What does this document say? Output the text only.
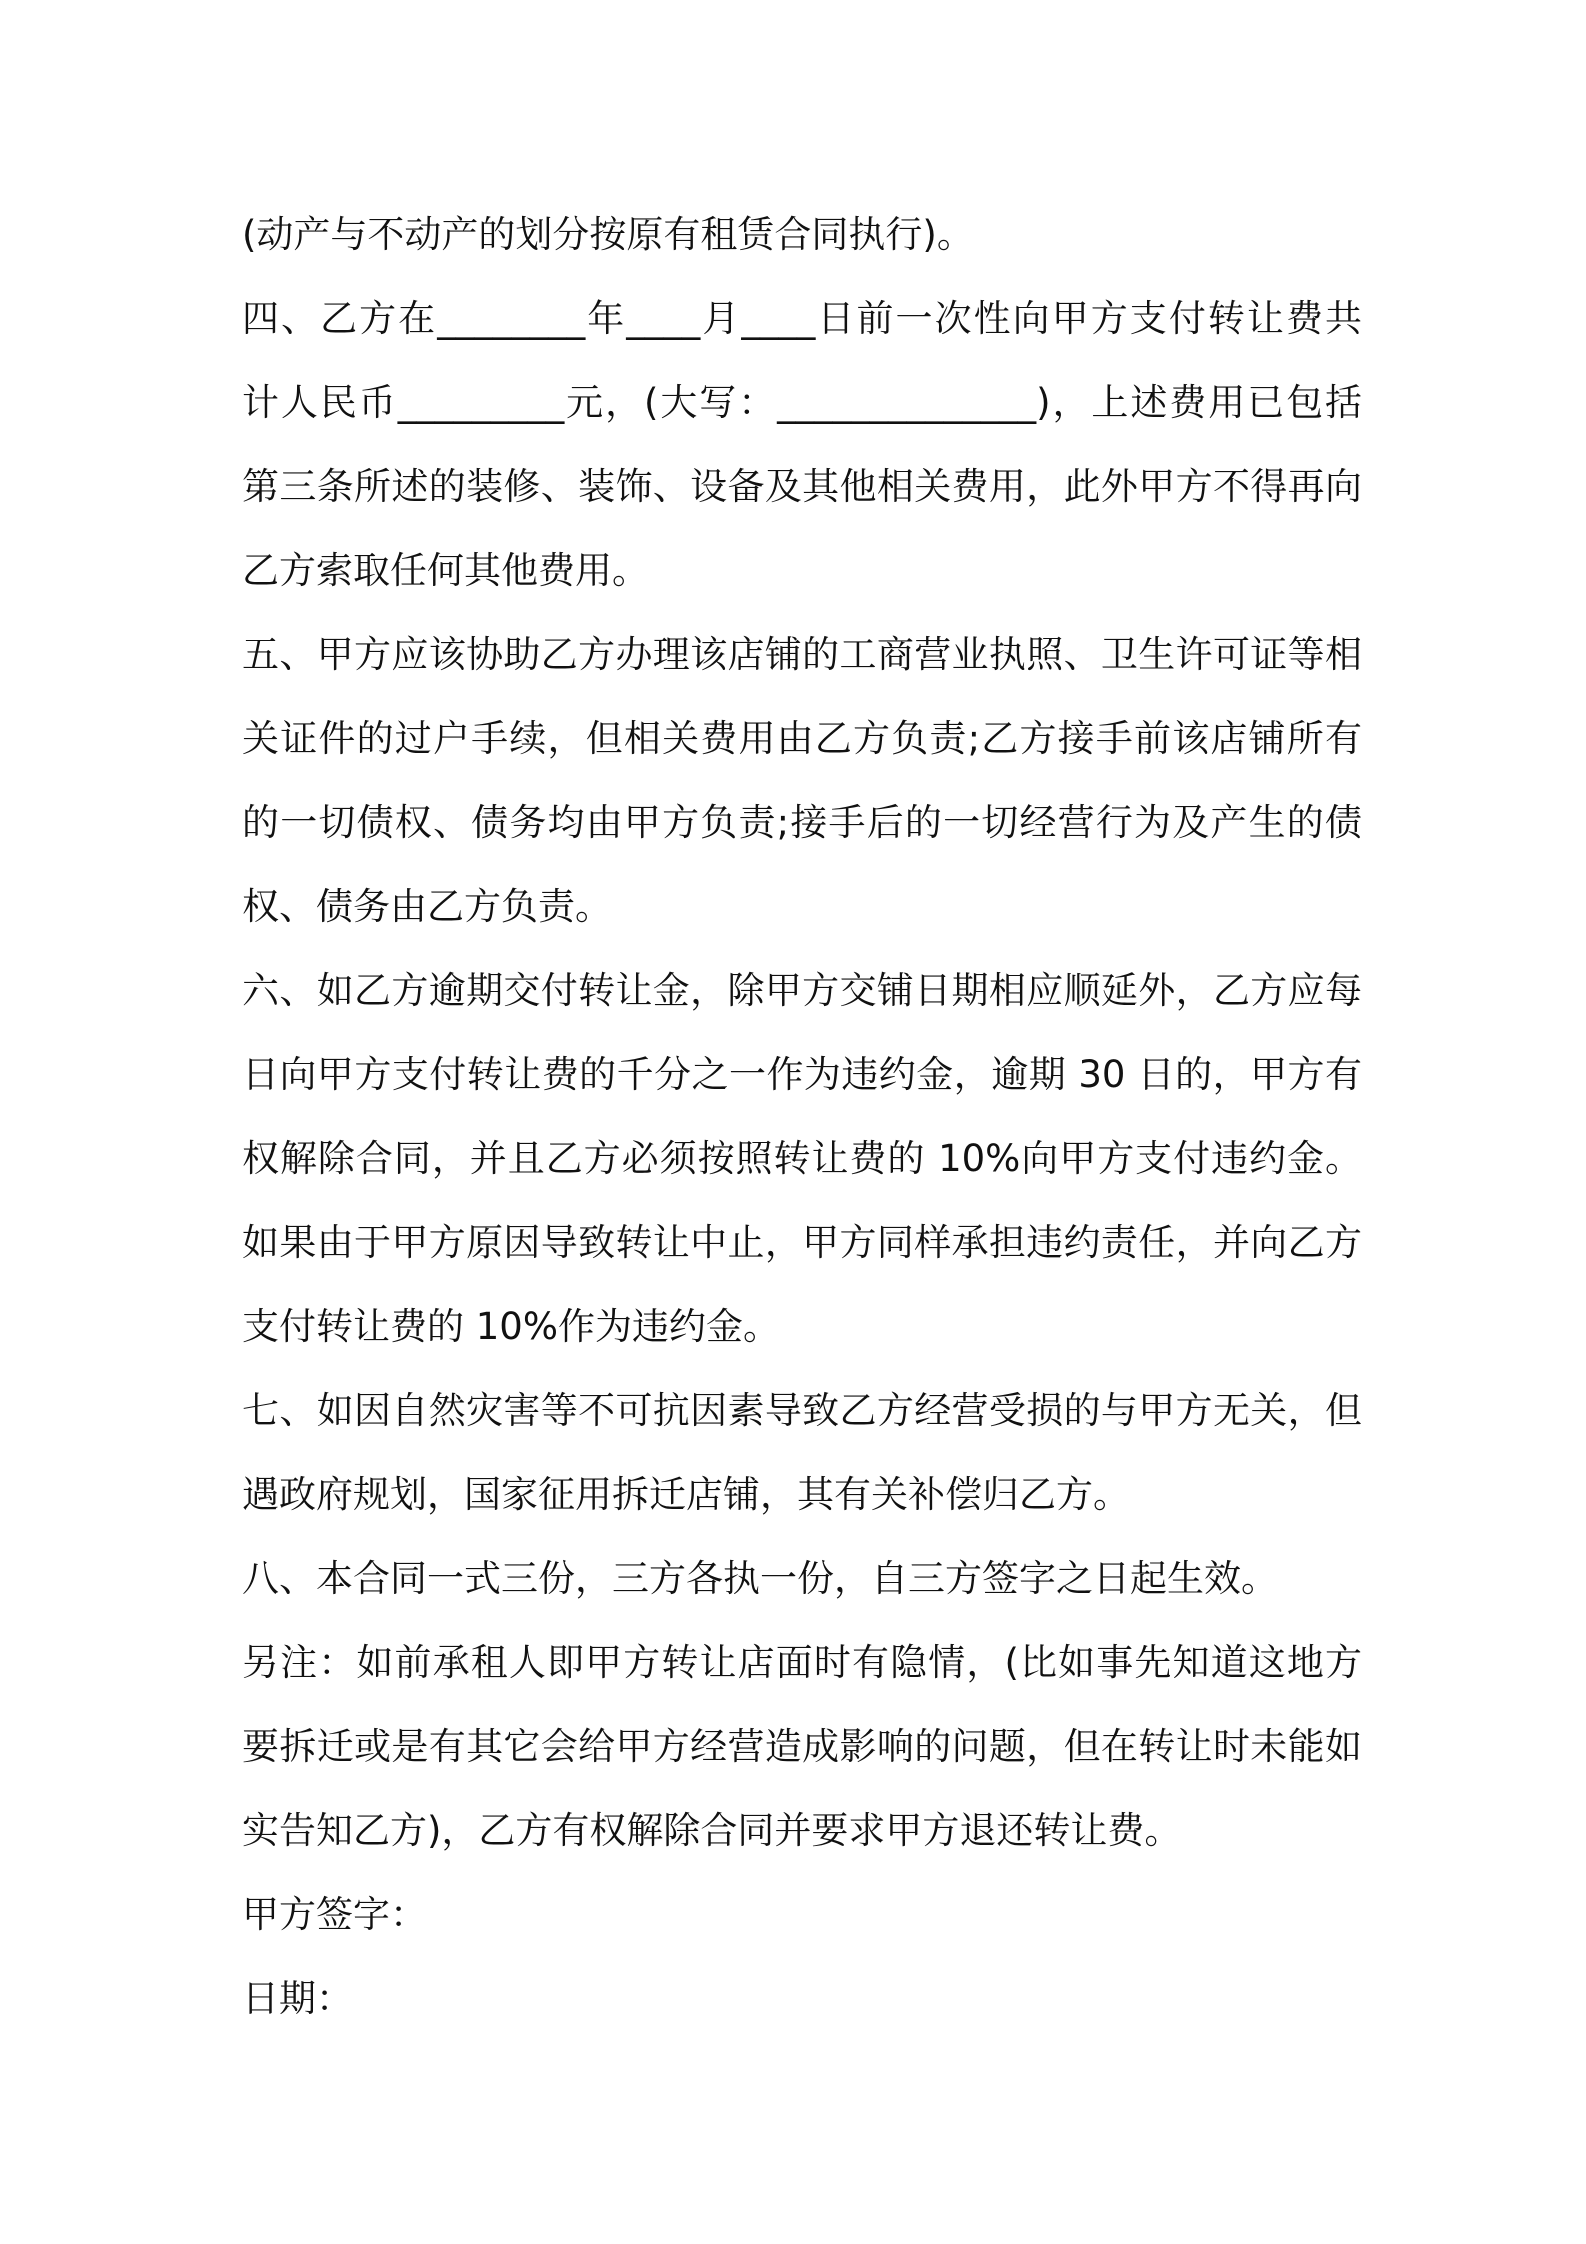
(动产与不动产的划分按原有租赁合同执行)。
四、乙方在________年____月____日前一次性向甲方支付转让费共
计人民币_________元，(大写：______________)，上述费用已包括
第三条所述的装修、装饰、设备及其他相关费用，此外甲方不得再向
乙方索取任何其他费用。
五、甲方应该协助乙方办理该店铺的工商营业执照、卫生许可证等相
关证件的过户手续，但相关费用由乙方负责;乙方接手前该店铺所有
的一切债权、债务均由甲方负责;接手后的一切经营行为及产生的债
权、债务由乙方负责。
六、如乙方逾期交付转让金，除甲方交铺日期相应顺延外，乙方应每
日向甲方支付转让费的千分之一作为违约金，逾期 30 日的，甲方有
权解除合同，并且乙方必须按照转让费的 10%向甲方支付违约金。
如果由于甲方原因导致转让中止，甲方同样承担违约责任，并向乙方
支付转让费的 10%作为违约金。
七、如因自然灾害等不可抗因素导致乙方经营受损的与甲方无关，但
遇政府规划，国家征用拆迁店铺，其有关补偿归乙方。
八、本合同一式三份，三方各执一份，自三方签字之日起生效。
另注：如前承租人即甲方转让店面时有隐情，(比如事先知道这地方
要拆迁或是有其它会给甲方经营造成影响的问题，但在转让时未能如
实告知乙方)，乙方有权解除合同并要求甲方退还转让费。
甲方签字：
日期：
